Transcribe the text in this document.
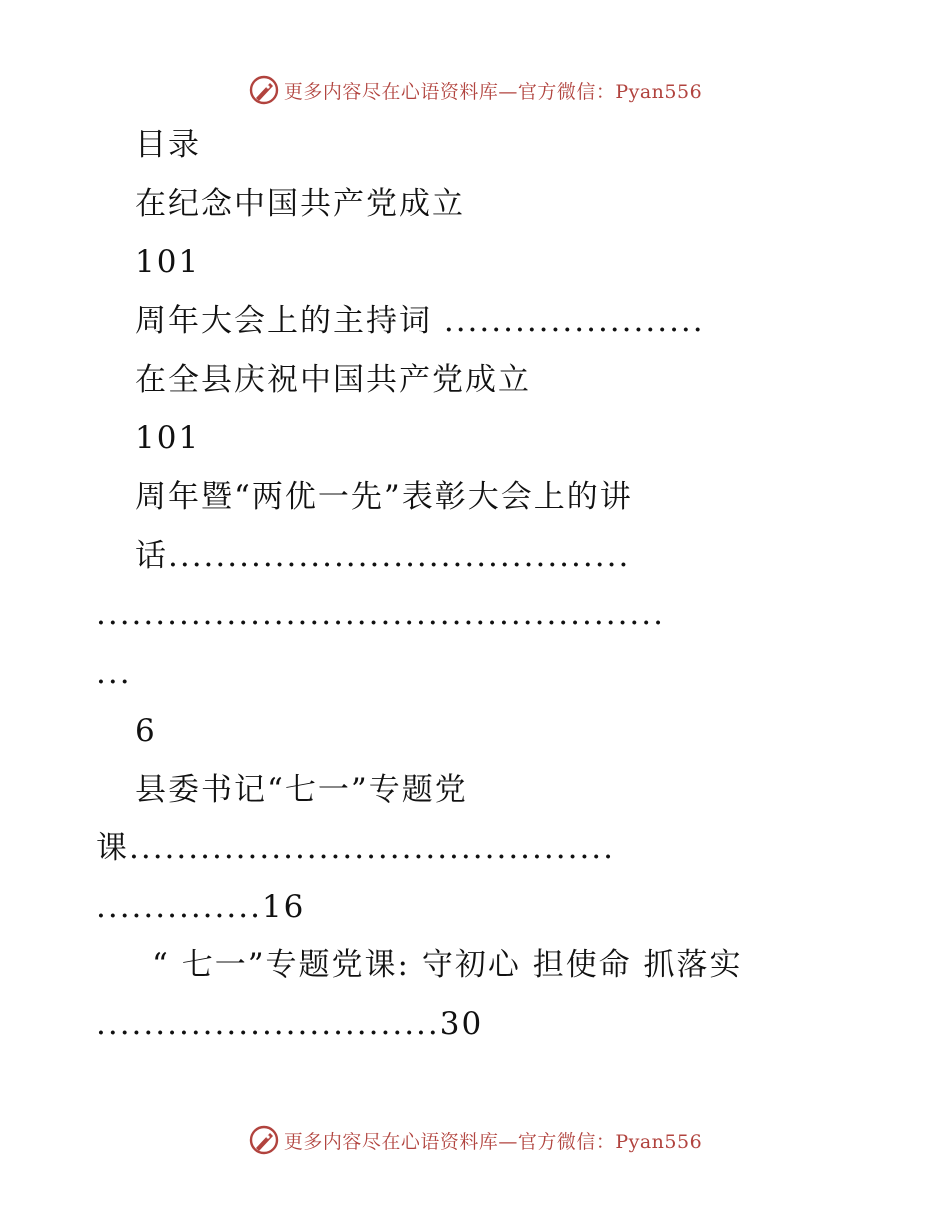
更多内容尽在心语资料库—官方微信：Pyan556
目录
在纪念中国共产党成立
101
周年大会上的主持词 ......................
在全县庆祝中国共产党成立
101
周年暨“两优一先”表彰大会上的讲
话.......................................
................................................
...
6
县委书记“七一”专题党
课.........................................
..............16
“ 七一”专题党课: 守初心 担使命 抓落实
.............................30
更多内容尽在心语资料库—官方微信：Pyan556
